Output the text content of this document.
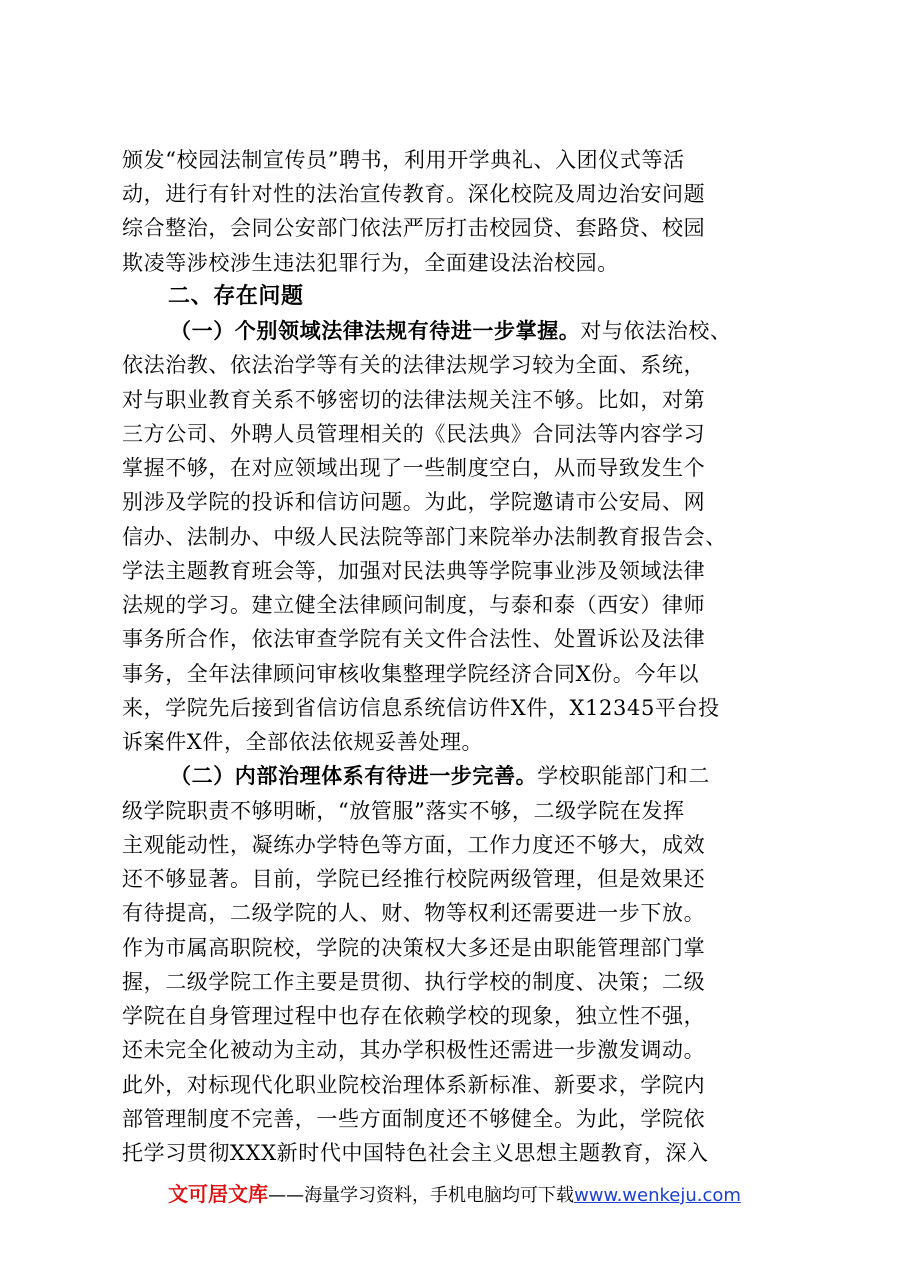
颁发“校园法制宣传员”聘书，利用开学典礼、入团仪式等活
动，进行有针对性的法治宣传教育。深化校院及周边治安问题
综合整治，会同公安部门依法严厉打击校园贷、套路贷、校园
欺凌等涉校涉生违法犯罪行为，全面建设法治校园。
二、存在问题
（一）个别领域法律法规有待进一步掌握。对与依法治校、
依法治教、依法治学等有关的法律法规学习较为全面、系统，
对与职业教育关系不够密切的法律法规关注不够。比如，对第
三方公司、外聘人员管理相关的《民法典》合同法等内容学习
掌握不够，在对应领域出现了一些制度空白，从而导致发生个
别涉及学院的投诉和信访问题。为此，学院邀请市公安局、网
信办、法制办、中级人民法院等部门来院举办法制教育报告会、
学法主题教育班会等，加强对民法典等学院事业涉及领域法律
法规的学习。建立健全法律顾问制度，与泰和泰（西安）律师
事务所合作，依法审查学院有关文件合法性、处置诉讼及法律
事务，全年法律顾问审核收集整理学院经济合同X份。今年以
来，学院先后接到省信访信息系统信访件X件，X12345平台投
诉案件X件，全部依法依规妥善处理。
（二）内部治理体系有待进一步完善。学校职能部门和二
级学院职责不够明晰，“放管服”落实不够，二级学院在发挥
主观能动性，凝练办学特色等方面，工作力度还不够大，成效
还不够显著。目前，学院已经推行校院两级管理，但是效果还
有待提高，二级学院的人、财、物等权利还需要进一步下放。
作为市属高职院校，学院的决策权大多还是由职能管理部门掌
握，二级学院工作主要是贯彻、执行学校的制度、决策；二级
学院在自身管理过程中也存在依赖学校的现象，独立性不强，
还未完全化被动为主动，其办学积极性还需进一步激发调动。
此外，对标现代化职业院校治理体系新标准、新要求，学院内
部管理制度不完善，一些方面制度还不够健全。为此，学院依
托学习贯彻XXX新时代中国特色社会主义思想主题教育，深入
文可居文库——海量学习资料，手机电脑均可下载www.wenkeju.com
